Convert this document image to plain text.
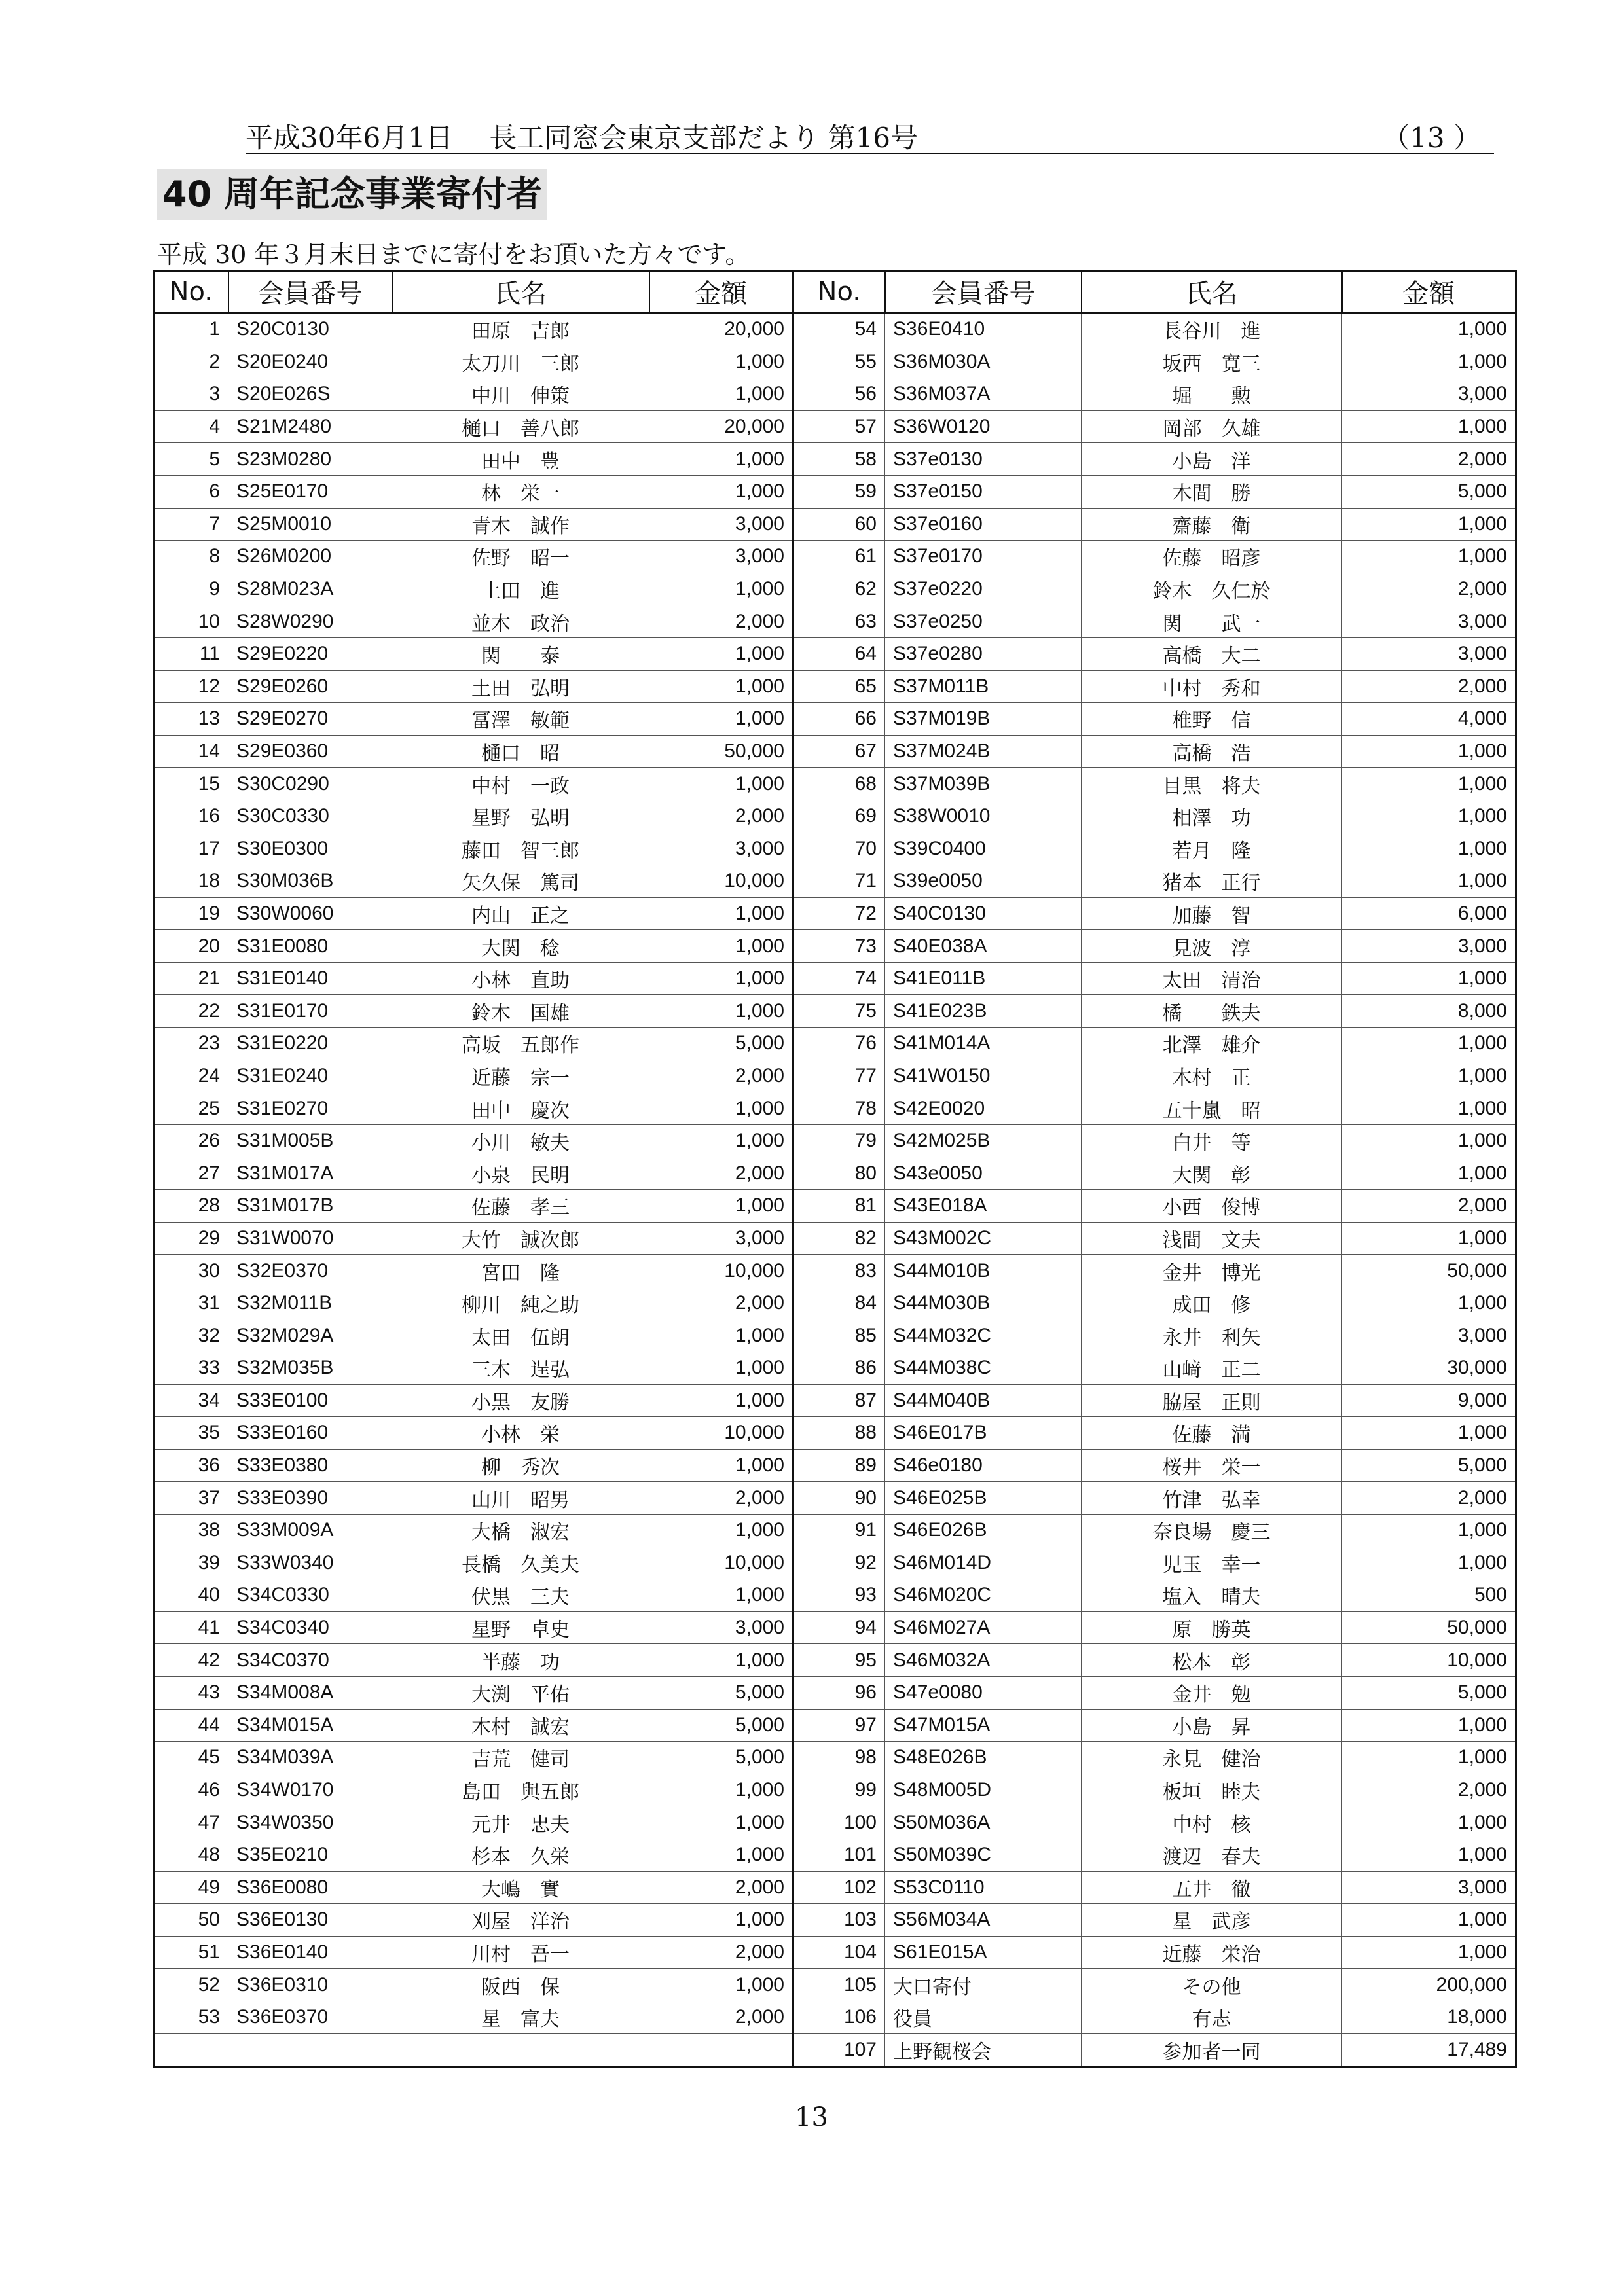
平成30年6月1日　 長工同窓会東京支部だより 第16号	（13 ）
40 周年記念事業寄付者
平成 30 年３月末日までに寄付をお頂いた方々です。
No.	会員番号	氏名	金額	No.	会員番号	氏名	金額
1	S20C0130	田原　吉郎	20,000	54	S36E0410	長谷川　進	1,000
2	S20E0240	太刀川　三郎	1,000	55	S36M030A	坂西　寛三	1,000
3	S20E026S	中川　伸策	1,000	56	S36M037A	堀　　勲	3,000
4	S21M2480	樋口　善八郎	20,000	57	S36W0120	岡部　久雄	1,000
5	S23M0280	田中　豊	1,000	58	S37e0130	小島　洋	2,000
6	S25E0170	林　栄一	1,000	59	S37e0150	木間　勝	5,000
7	S25M0010	青木　誠作	3,000	60	S37e0160	齋藤　衛	1,000
8	S26M0200	佐野　昭一	3,000	61	S37e0170	佐藤　昭彦	1,000
9	S28M023A	土田　進	1,000	62	S37e0220	鈴木　久仁於	2,000
10	S28W0290	並木　政治	2,000	63	S37e0250	関　　武一	3,000
11	S29E0220	関　　泰	1,000	64	S37e0280	高橋　大二	3,000
12	S29E0260	土田　弘明	1,000	65	S37M011B	中村　秀和	2,000
13	S29E0270	冨澤　敏範	1,000	66	S37M019B	椎野　信	4,000
14	S29E0360	樋口　昭	50,000	67	S37M024B	高橋　浩	1,000
15	S30C0290	中村　一政	1,000	68	S37M039B	目黒　将夫	1,000
16	S30C0330	星野　弘明	2,000	69	S38W0010	相澤　功	1,000
17	S30E0300	藤田　智三郎	3,000	70	S39C0400	若月　隆	1,000
18	S30M036B	矢久保　篤司	10,000	71	S39e0050	猪本　正行	1,000
19	S30W0060	内山　正之	1,000	72	S40C0130	加藤　智	6,000
20	S31E0080	大関　稔	1,000	73	S40E038A	見波　淳	3,000
21	S31E0140	小林　直助	1,000	74	S41E011B	太田　清治	1,000
22	S31E0170	鈴木　国雄	1,000	75	S41E023B	橘　　鉄夫	8,000
23	S31E0220	高坂　五郎作	5,000	76	S41M014A	北澤　雄介	1,000
24	S31E0240	近藤　宗一	2,000	77	S41W0150	木村　正	1,000
25	S31E0270	田中　慶次	1,000	78	S42E0020	五十嵐　昭	1,000
26	S31M005B	小川　敏夫	1,000	79	S42M025B	白井　等	1,000
27	S31M017A	小泉　民明	2,000	80	S43e0050	大関　彰	1,000
28	S31M017B	佐藤　孝三	1,000	81	S43E018A	小西　俊博	2,000
29	S31W0070	大竹　誠次郎	3,000	82	S43M002C	浅間　文夫	1,000
30	S32E0370	宮田　隆	10,000	83	S44M010B	金井　博光	50,000
31	S32M011B	柳川　純之助	2,000	84	S44M030B	成田　修	1,000
32	S32M029A	太田　伍朗	1,000	85	S44M032C	永井　利矢	3,000
33	S32M035B	三木　逞弘	1,000	86	S44M038C	山﨑　正二	30,000
34	S33E0100	小黒　友勝	1,000	87	S44M040B	脇屋　正則	9,000
35	S33E0160	小林　栄	10,000	88	S46E017B	佐藤　満	1,000
36	S33E0380	柳　秀次	1,000	89	S46e0180	桜井　栄一	5,000
37	S33E0390	山川　昭男	2,000	90	S46E025B	竹津　弘幸	2,000
38	S33M009A	大橋　淑宏	1,000	91	S46E026B	奈良場　慶三	1,000
39	S33W0340	長橋　久美夫	10,000	92	S46M014D	児玉　幸一	1,000
40	S34C0330	伏黒　三夫	1,000	93	S46M020C	塩入　晴夫	500
41	S34C0340	星野　卓史	3,000	94	S46M027A	原　勝英	50,000
42	S34C0370	半藤　功	1,000	95	S46M032A	松本　彰	10,000
43	S34M008A	大渕　平佑	5,000	96	S47e0080	金井　勉	5,000
44	S34M015A	木村　誠宏	5,000	97	S47M015A	小島　昇	1,000
45	S34M039A	吉荒　健司	5,000	98	S48E026B	永見　健治	1,000
46	S34W0170	島田　與五郎	1,000	99	S48M005D	板垣　睦夫	2,000
47	S34W0350	元井　忠夫	1,000	100	S50M036A	中村　核	1,000
48	S35E0210	杉本　久栄	1,000	101	S50M039C	渡辺　春夫	1,000
49	S36E0080	大嶋　實	2,000	102	S53C0110	五井　徹	3,000
50	S36E0130	刈屋　洋治	1,000	103	S56M034A	星　武彦	1,000
51	S36E0140	川村　吾一	2,000	104	S61E015A	近藤　栄治	1,000
52	S36E0310	阪西　保	1,000	105	大口寄付	その他	200,000
53	S36E0370	星　富夫	2,000	106	役員	有志	18,000
				107	上野観桜会	参加者一同	17,489
13
